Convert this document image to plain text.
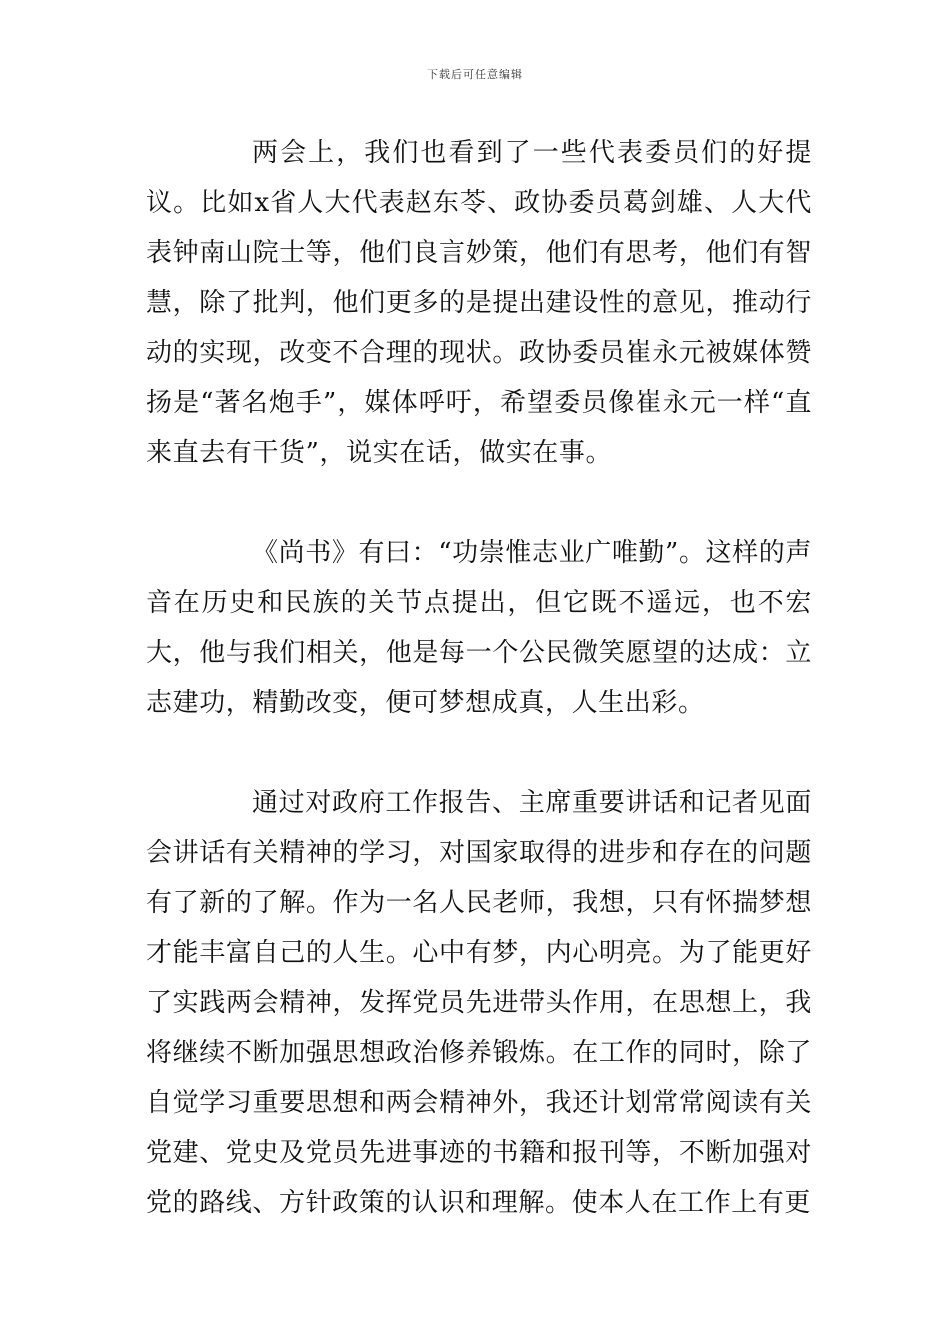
下载后可任意编辑

两会上，我们也看到了一些代表委员们的好提议。比如x省人大代表赵东苓、政协委员葛剑雄、人大代表钟南山院士等，他们良言妙策，他们有思考，他们有智慧，除了批判，他们更多的是提出建设性的意见，推动行动的实现，改变不合理的现状。政协委员崔永元被媒体赞扬是“著名炮手”，媒体呼吁，希望委员像崔永元一样“直来直去有干货”，说实在话，做实在事。

《尚书》有曰：“功崇惟志业广唯勤”。这样的声音在历史和民族的关节点提出，但它既不遥远，也不宏大，他与我们相关，他是每一个公民微笑愿望的达成：立志建功，精勤改变，便可梦想成真，人生出彩。

通过对政府工作报告、主席重要讲话和记者见面会讲话有关精神的学习，对国家取得的进步和存在的问题有了新的了解。作为一名人民老师，我想，只有怀揣梦想才能丰富自己的人生。心中有梦，内心明亮。为了能更好了实践两会精神，发挥党员先进带头作用，在思想上，我将继续不断加强思想政治修养锻炼。在工作的同时，除了自觉学习重要思想和两会精神外，我还计划常常阅读有关党建、党史及党员先进事迹的书籍和报刊等，不断加强对党的路线、方针政策的认识和理解。使本人在工作上有更
